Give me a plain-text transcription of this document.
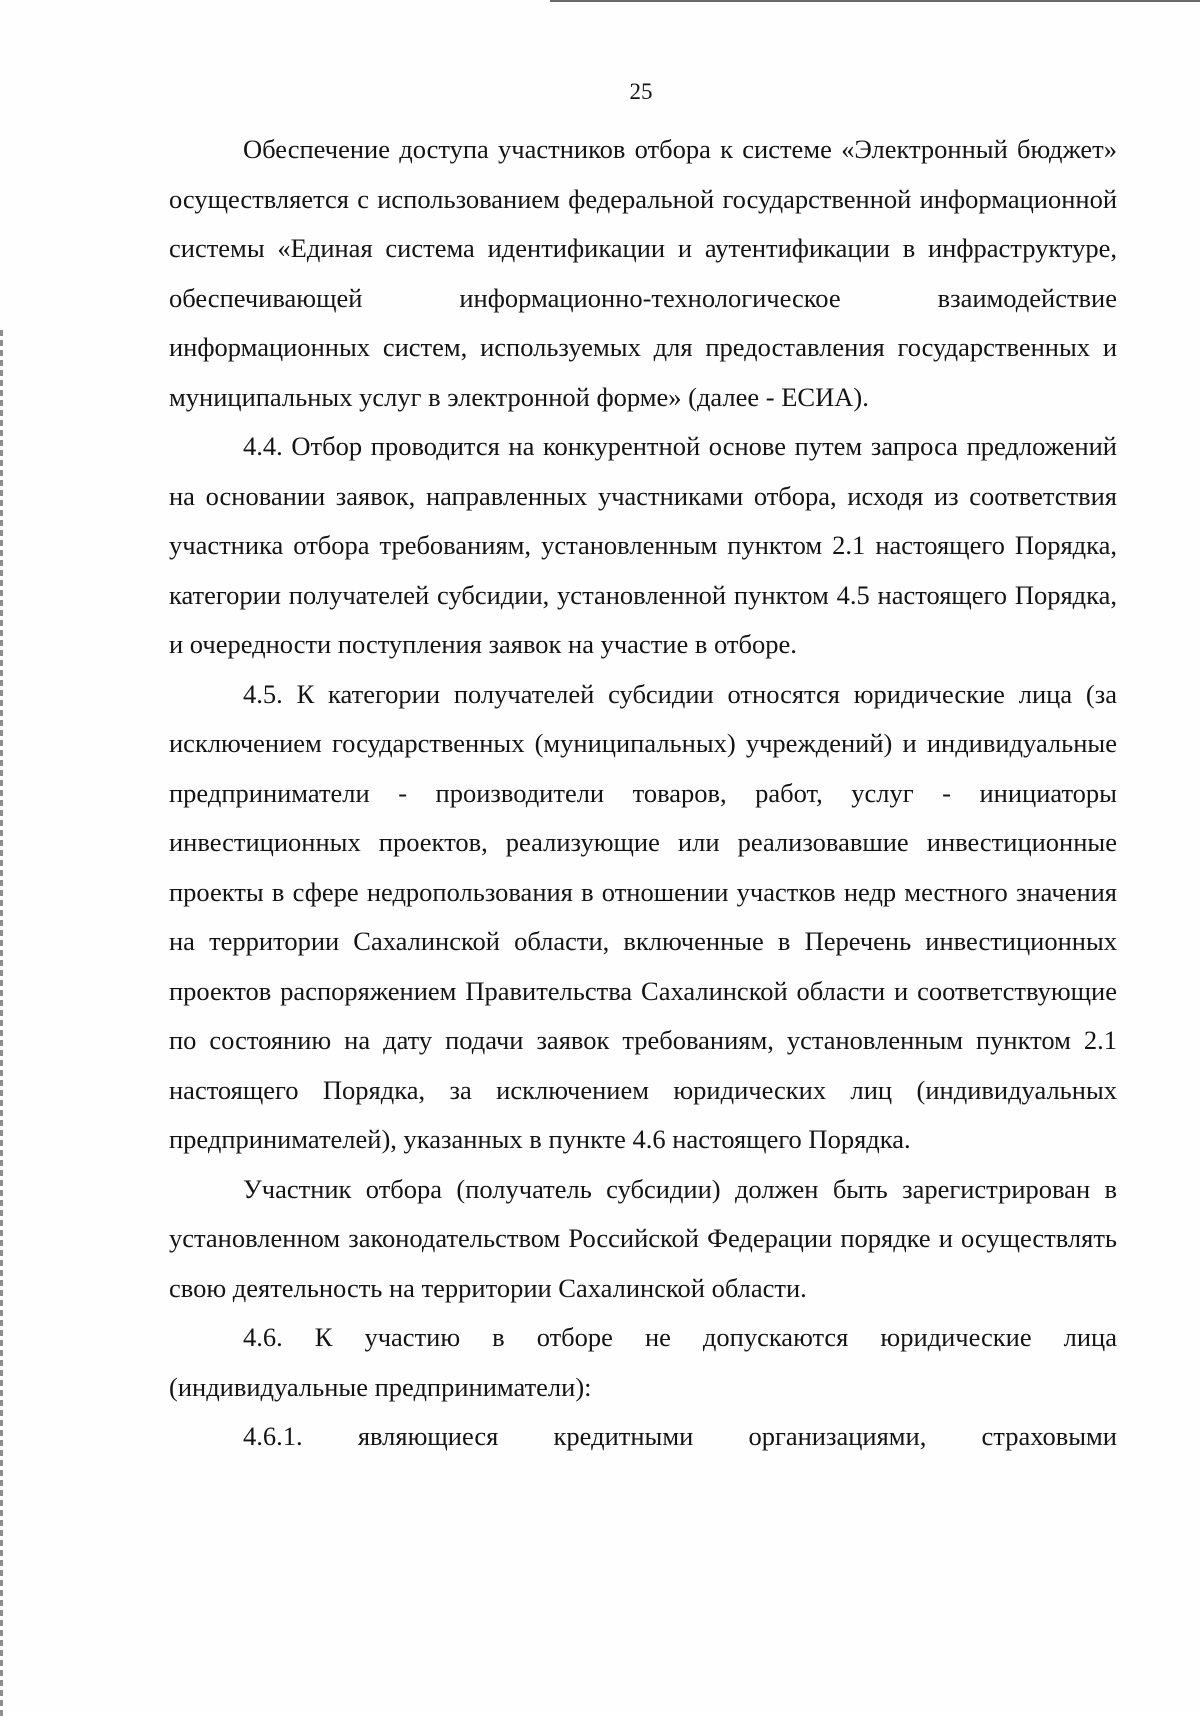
25

Обеспечение доступа участников отбора к системе «Электронный бюджет» осуществляется с использованием федеральной государственной информационной системы «Единая система идентификации и аутентификации в инфраструктуре, обеспечивающей информационно-технологическое взаимодействие информационных систем, используемых для предоставления государственных и муниципальных услуг в электронной форме» (далее - ЕСИА).

4.4. Отбор проводится на конкурентной основе путем запроса предложений на основании заявок, направленных участниками отбора, исходя из соответствия участника отбора требованиям, установленным пунктом 2.1 настоящего Порядка, категории получателей субсидии, установленной пунктом 4.5 настоящего Порядка, и очередности поступления заявок на участие в отборе.

4.5. К категории получателей субсидии относятся юридические лица (за исключением государственных (муниципальных) учреждений) и индивидуальные предприниматели - производители товаров, работ, услуг - инициаторы инвестиционных проектов, реализующие или реализовавшие инвестиционные проекты в сфере недропользования в отношении участков недр местного значения на территории Сахалинской области, включенные в Перечень инвестиционных проектов распоряжением Правительства Сахалинской области и соответствующие по состоянию на дату подачи заявок требованиям, установленным пунктом 2.1 настоящего Порядка, за исключением юридических лиц (индивидуальных предпринимателей), указанных в пункте 4.6 настоящего Порядка.

Участник отбора (получатель субсидии) должен быть зарегистрирован в установленном законодательством Российской Федерации порядке и осуществлять свою деятельность на территории Сахалинской области.

4.6. К участию в отборе не допускаются юридические лица (индивидуальные предприниматели):

4.6.1. являющиеся кредитными организациями, страховыми
